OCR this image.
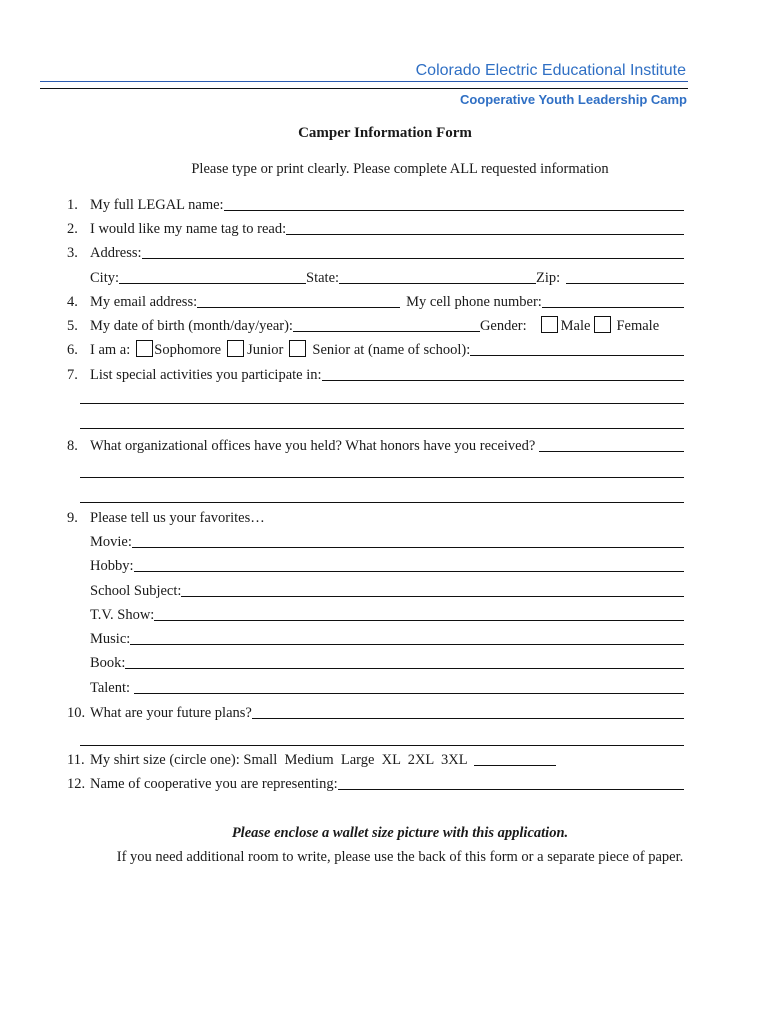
Colorado Electric Educational Institute
Cooperative Youth Leadership Camp
Camper Information Form
Please type or print clearly. Please complete ALL requested information
1. My full LEGAL name:
2. I would like my name tag to read:
3. Address:
City:	State:	Zip:
4. My email address:	My cell phone number:
5. My date of birth (month/day/year):	Gender: Male Female
6. I am a: Sophomore Junior Senior at (name of school):
7. List special activities you participate in:
8. What organizational offices have you held? What honors have you received?
9. Please tell us your favorites…
Movie:
Hobby:
School Subject:
T.V. Show:
Music:
Book:
Talent:
10. What are your future plans?
11. My shirt size (circle one): Small  Medium  Large  XL  2XL  3XL
12. Name of cooperative you are representing:
Please enclose a wallet size picture with this application.
If you need additional room to write, please use the back of this form or a separate piece of paper.
